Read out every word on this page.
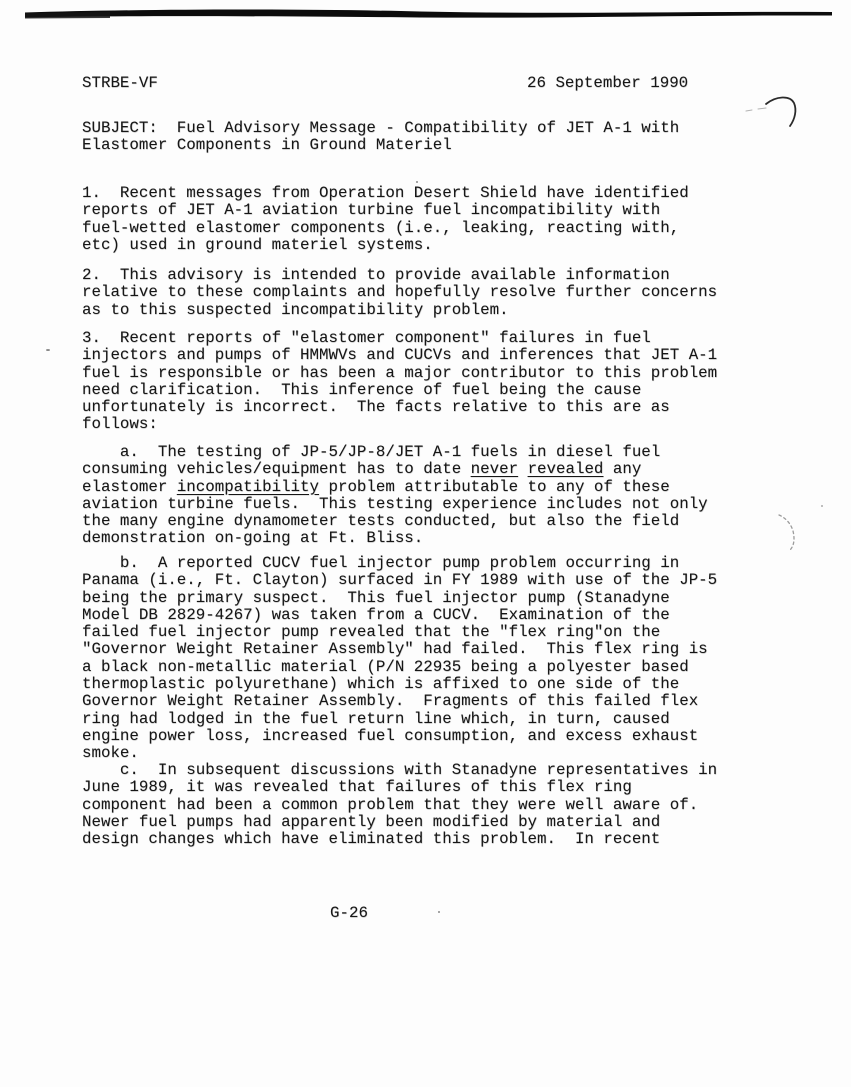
STRBE-VF	26 September 1990
SUBJECT:  Fuel Advisory Message - Compatibility of JET A-1 with
Elastomer Components in Ground Materiel
1.  Recent messages from Operation Desert Shield have identified
reports of JET A-1 aviation turbine fuel incompatibility with
fuel-wetted elastomer components (i.e., leaking, reacting with,
etc) used in ground materiel systems.
2.  This advisory is intended to provide available information
relative to these complaints and hopefully resolve further concerns
as to this suspected incompatibility problem.
3.  Recent reports of "elastomer component" failures in fuel
injectors and pumps of HMMWVs and CUCVs and inferences that JET A-1
fuel is responsible or has been a major contributor to this problem
need clarification.  This inference of fuel being the cause
unfortunately is incorrect.  The facts relative to this are as
follows:
a.  The testing of JP-5/JP-8/JET A-1 fuels in diesel fuel
consuming vehicles/equipment has to date never revealed any
elastomer incompatibility problem attributable to any of these
aviation turbine fuels.  This testing experience includes not only
the many engine dynamometer tests conducted, but also the field
demonstration on-going at Ft. Bliss.
b.  A reported CUCV fuel injector pump problem occurring in
Panama (i.e., Ft. Clayton) surfaced in FY 1989 with use of the JP-5
being the primary suspect.  This fuel injector pump (Stanadyne
Model DB 2829-4267) was taken from a CUCV.  Examination of the
failed fuel injector pump revealed that the "flex ring"on the
"Governor Weight Retainer Assembly" had failed.  This flex ring is
a black non-metallic material (P/N 22935 being a polyester based
thermoplastic polyurethane) which is affixed to one side of the
Governor Weight Retainer Assembly.  Fragments of this failed flex
ring had lodged in the fuel return line which, in turn, caused
engine power loss, increased fuel consumption, and excess exhaust
smoke.
c.  In subsequent discussions with Stanadyne representatives in
June 1989, it was revealed that failures of this flex ring
component had been a common problem that they were well aware of.
Newer fuel pumps had apparently been modified by material and
design changes which have eliminated this problem.  In recent
G-26
